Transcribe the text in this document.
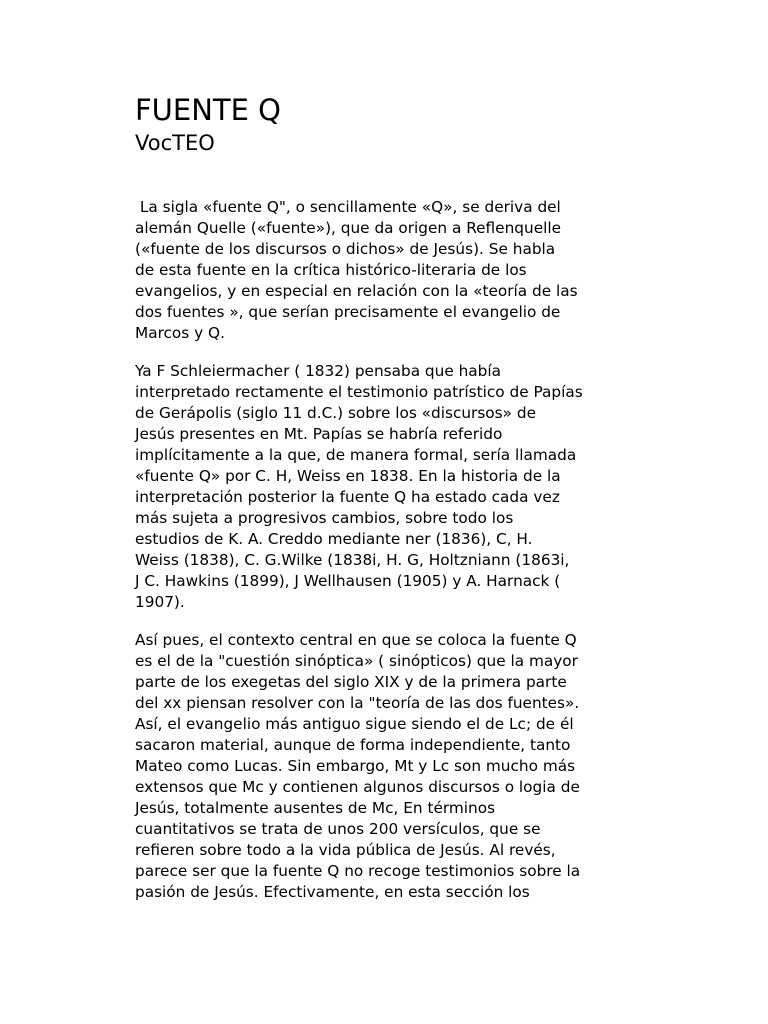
FUENTE Q
VocTEO
La sigla «fuente Q", o sencillamente «Q», se deriva del
alemán Quelle («fuente»), que da origen a Reflenquelle
(«fuente de los discursos o dichos» de Jesús). Se habla
de esta fuente en la crítica histórico-literaria de los
evangelios, y en especial en relación con la «teoría de las
dos fuentes », que serían precisamente el evangelio de
Marcos y Q.
Ya F Schleiermacher ( 1832) pensaba que había
interpretado rectamente el testimonio patrístico de Papías
de Gerápolis (siglo 11 d.C.) sobre los «discursos» de
Jesús presentes en Mt. Papías se habría referido
implícitamente a la que, de manera formal, sería llamada
«fuente Q» por C. H, Weiss en 1838. En la historia de la
interpretación posterior la fuente Q ha estado cada vez
más sujeta a progresivos cambios, sobre todo los
estudios de K. A. Creddo mediante ner (1836), C, H.
Weiss (1838), C. G.Wilke (1838i, H. G, Holtzniann (1863i,
J C. Hawkins (1899), J Wellhausen (1905) y A. Harnack (
1907).
Así pues, el contexto central en que se coloca la fuente Q
es el de la "cuestión sinóptica» ( sinópticos) que la mayor
parte de los exegetas del siglo XIX y de la primera parte
del xx piensan resolver con la "teoría de las dos fuentes».
Así, el evangelio más antiguo sigue siendo el de Lc; de él
sacaron material, aunque de forma independiente, tanto
Mateo como Lucas. Sin embargo, Mt y Lc son mucho más
extensos que Mc y contienen algunos discursos o logia de
Jesús, totalmente ausentes de Mc, En términos
cuantitativos se trata de unos 200 versículos, que se
refieren sobre todo a la vida pública de Jesús. Al revés,
parece ser que la fuente Q no recoge testimonios sobre la
pasión de Jesús. Efectivamente, en esta sección los
